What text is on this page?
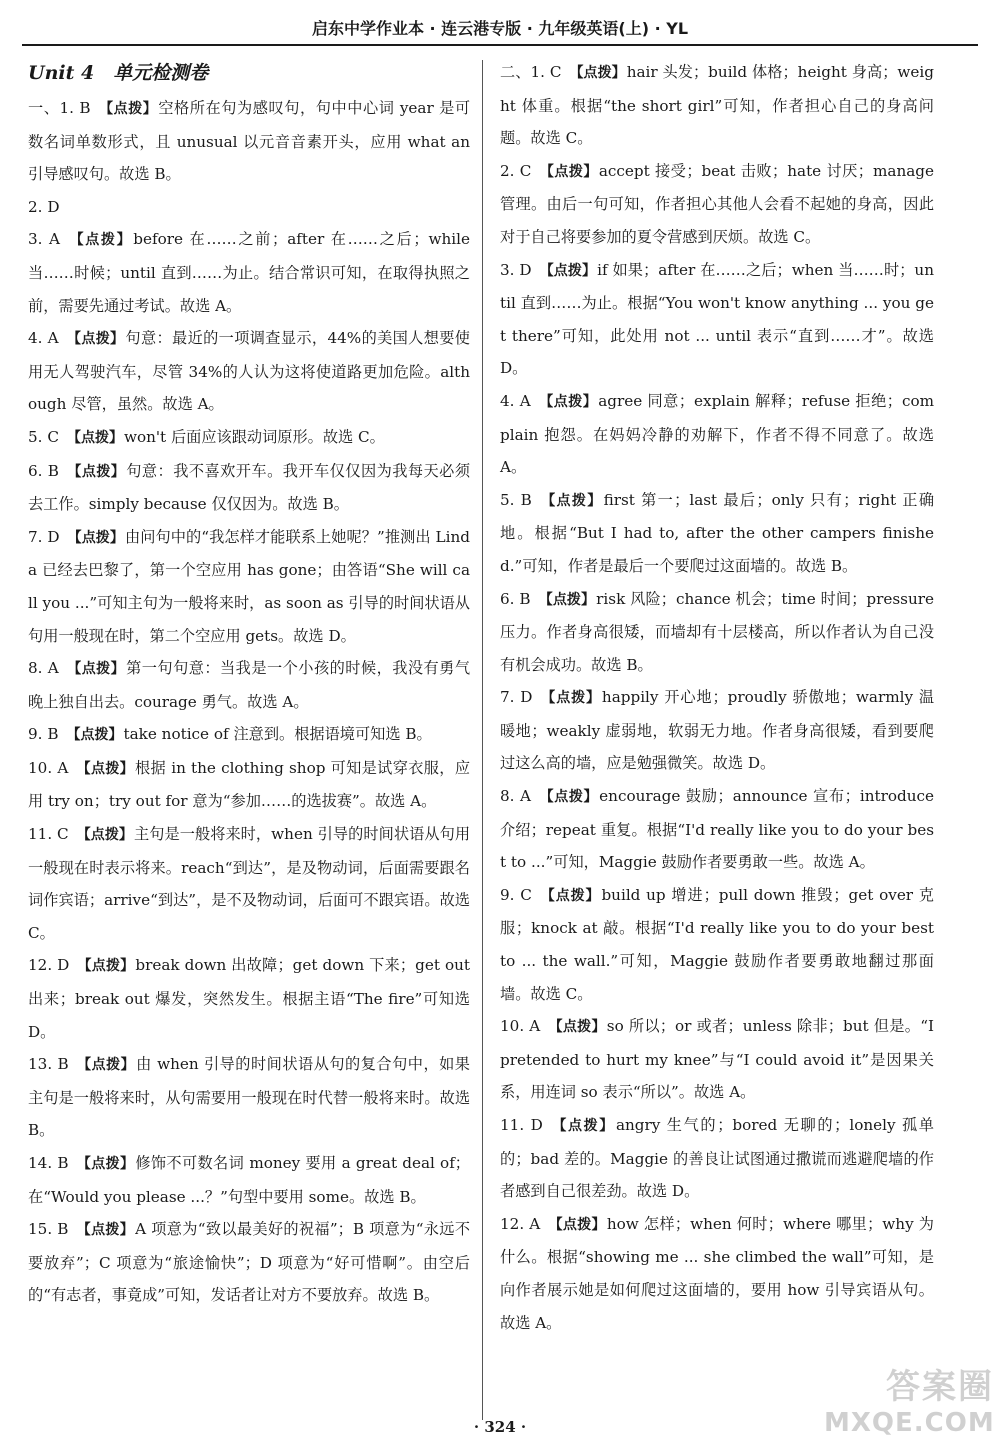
启东中学作业本 · 连云港专版 · 九年级英语(上) · YL
Unit 4　单元检测卷

一、1. B 【点拨】空格所在句为感叹句，句中中心词 year 是可数名词单数形式，且 unusual 以元音音素开头，应用 what an 引导感叹句。故选 B。

2. D

3. A 【点拨】before 在……之前；after 在……之后；while 当……时候；until 直到……为止。结合常识可知，在取得执照之前，需要先通过考试。故选 A。

4. A 【点拨】句意：最近的一项调查显示，44%的美国人想要使用无人驾驶汽车，尽管 34%的人认为这将使道路更加危险。although 尽管，虽然。故选 A。

5. C 【点拨】won't 后面应该跟动词原形。故选 C。

6. B 【点拨】句意：我不喜欢开车。我开车仅仅因为我每天必须去工作。simply because 仅仅因为。故选 B。

7. D 【点拨】由问句中的“我怎样才能联系上她呢？”推测出 Linda 已经去巴黎了，第一个空应用 has gone；由答语“She will call you ...”可知主句为一般将来时，as soon as 引导的时间状语从句用一般现在时，第二个空应用 gets。故选 D。

8. A 【点拨】第一句句意：当我是一个小孩的时候，我没有勇气晚上独自出去。courage 勇气。故选 A。

9. B 【点拨】take notice of 注意到。根据语境可知选 B。

10. A 【点拨】根据 in the clothing shop 可知是试穿衣服，应用 try on；try out for 意为“参加……的选拔赛”。故选 A。

11. C 【点拨】主句是一般将来时，when 引导的时间状语从句用一般现在时表示将来。reach“到达”，是及物动词，后面需要跟名词作宾语；arrive“到达”，是不及物动词，后面可不跟宾语。故选 C。

12. D 【点拨】break down 出故障；get down 下来；get out 出来；break out 爆发，突然发生。根据主语“The fire”可知选 D。

13. B 【点拨】由 when 引导的时间状语从句的复合句中，如果主句是一般将来时，从句需要用一般现在时代替一般将来时。故选 B。

14. B 【点拨】修饰不可数名词 money 要用 a great deal of；在“Would you please ...？”句型中要用 some。故选 B。

15. B 【点拨】A 项意为“致以最美好的祝福”；B 项意为“永远不要放弃”；C 项意为“旅途愉快”；D 项意为“好可惜啊”。由空后的“有志者，事竟成”可知，发话者让对方不要放弃。故选 B。

二、1. C 【点拨】hair 头发；build 体格；height 身高；weight 体重。根据“the short girl”可知，作者担心自己的身高问题。故选 C。

2. C 【点拨】accept 接受；beat 击败；hate 讨厌；manage 管理。由后一句可知，作者担心其他人会看不起她的身高，因此对于自己将要参加的夏令营感到厌烦。故选 C。

3. D 【点拨】if 如果；after 在……之后；when 当……时；until 直到……为止。根据“You won't know anything ... you get there”可知，此处用 not ... until 表示“直到……才”。故选 D。

4. A 【点拨】agree 同意；explain 解释；refuse 拒绝；complain 抱怨。在妈妈冷静的劝解下，作者不得不同意了。故选 A。

5. B 【点拨】first 第一；last 最后；only 只有；right 正确地。根据“But I had to, after the other campers finished.”可知，作者是最后一个要爬过这面墙的。故选 B。

6. B 【点拨】risk 风险；chance 机会；time 时间；pressure 压力。作者身高很矮，而墙却有十层楼高，所以作者认为自己没有机会成功。故选 B。

7. D 【点拨】happily 开心地；proudly 骄傲地；warmly 温暖地；weakly 虚弱地，软弱无力地。作者身高很矮，看到要爬过这么高的墙，应是勉强微笑。故选 D。

8. A 【点拨】encourage 鼓励；announce 宣布；introduce 介绍；repeat 重复。根据“I'd really like you to do your best to ...”可知，Maggie 鼓励作者要勇敢一些。故选 A。

9. C 【点拨】build up 增进；pull down 推毁；get over 克服；knock at 敲。根据“I'd really like you to do your best to ... the wall.”可知，Maggie 鼓励作者要勇敢地翻过那面墙。故选 C。

10. A 【点拨】so 所以；or 或者；unless 除非；but 但是。“I pretended to hurt my knee”与“I could avoid it”是因果关系，用连词 so 表示“所以”。故选 A。

11. D 【点拨】angry 生气的；bored 无聊的；lonely 孤单的；bad 差的。Maggie 的善良让试图通过撒谎而逃避爬墙的作者感到自己很差劲。故选 D。

12. A 【点拨】how 怎样；when 何时；where 哪里；why 为什么。根据“showing me ... she climbed the wall”可知，是向作者展示她是如何爬过这面墙的，要用 how 引导宾语从句。故选 A。

· 324 ·
答案圈
MXQE.COM
